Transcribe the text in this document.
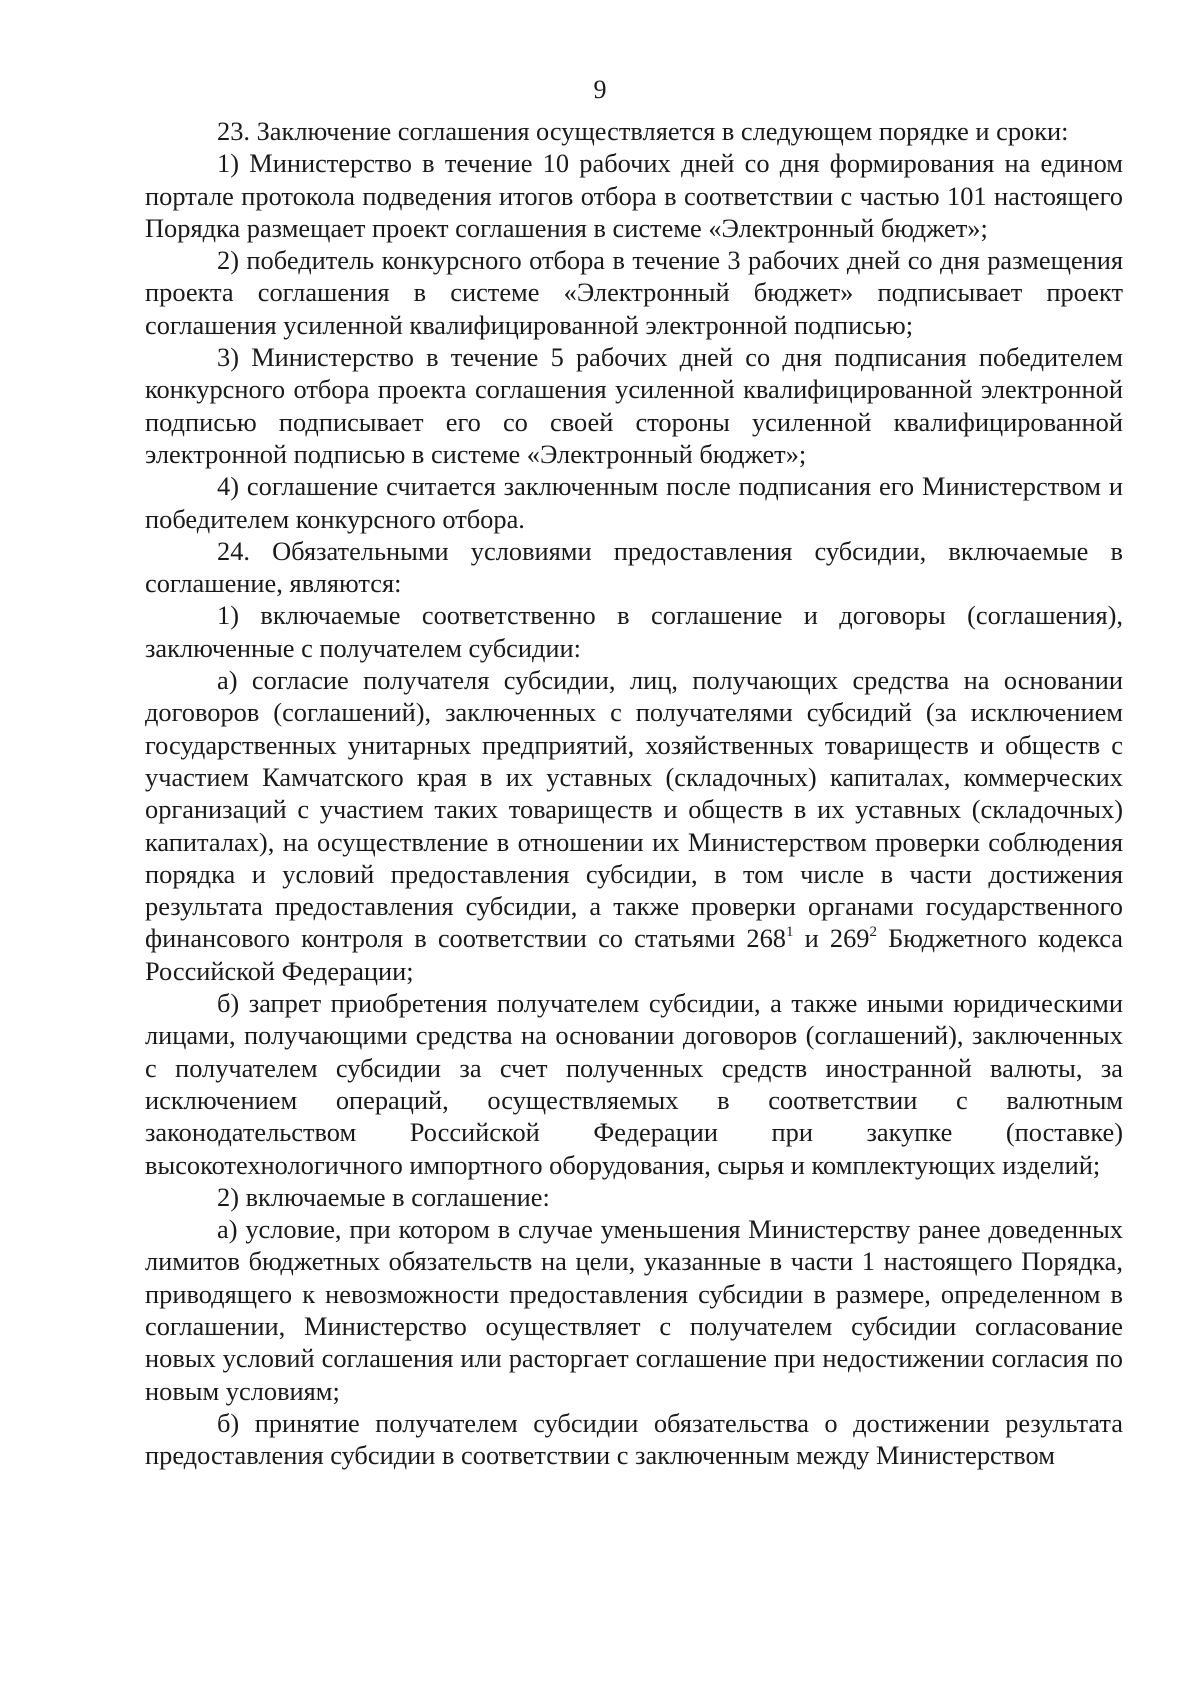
9

23. Заключение соглашения осуществляется в следующем порядке и сроки:

1) Министерство в течение 10 рабочих дней со дня формирования на едином портале протокола подведения итогов отбора в соответствии с частью 101 настоящего Порядка размещает проект соглашения в системе «Электронный бюджет»;

2) победитель конкурсного отбора в течение 3 рабочих дней со дня размещения проекта соглашения в системе «Электронный бюджет» подписывает проект соглашения усиленной квалифицированной электронной подписью;

3) Министерство в течение 5 рабочих дней со дня подписания победителем конкурсного отбора проекта соглашения усиленной квалифицированной электронной подписью подписывает его со своей стороны усиленной квалифицированной электронной подписью в системе «Электронный бюджет»;

4) соглашение считается заключенным после подписания его Министерством и победителем конкурсного отбора.

24. Обязательными условиями предоставления субсидии, включаемые в соглашение, являются:

1) включаемые соответственно в соглашение и договоры (соглашения), заключенные с получателем субсидии:

а) согласие получателя субсидии, лиц, получающих средства на основании договоров (соглашений), заключенных с получателями субсидий (за исключением государственных унитарных предприятий, хозяйственных товариществ и обществ с участием Камчатского края в их уставных (складочных) капиталах, коммерческих организаций с участием таких товариществ и обществ в их уставных (складочных) капиталах), на осуществление в отношении их Министерством проверки соблюдения порядка и условий предоставления субсидии, в том числе в части достижения результата предоставления субсидии, а также проверки органами государственного финансового контроля в соответствии со статьями $268^1$ и $269^2$ Бюджетного кодекса Российской Федерации;

б) запрет приобретения получателем субсидии, а также иными юридическими лицами, получающими средства на основании договоров (соглашений), заключенных с получателем субсидии за счет полученных средств иностранной валюты, за исключением операций, осуществляемых в соответствии с валютным законодательством Российской Федерации при закупке (поставке) высокотехнологичного импортного оборудования, сырья и комплектующих изделий;

2) включаемые в соглашение:

а) условие, при котором в случае уменьшения Министерству ранее доведенных лимитов бюджетных обязательств на цели, указанные в части 1 настоящего Порядка, приводящего к невозможности предоставления субсидии в размере, определенном в соглашении, Министерство осуществляет с получателем субсидии согласование новых условий соглашения или расторгает соглашение при недостижении согласия по новым условиям;

б) принятие получателем субсидии обязательства о достижении результата предоставления субсидии в соответствии с заключенным между Министерством
